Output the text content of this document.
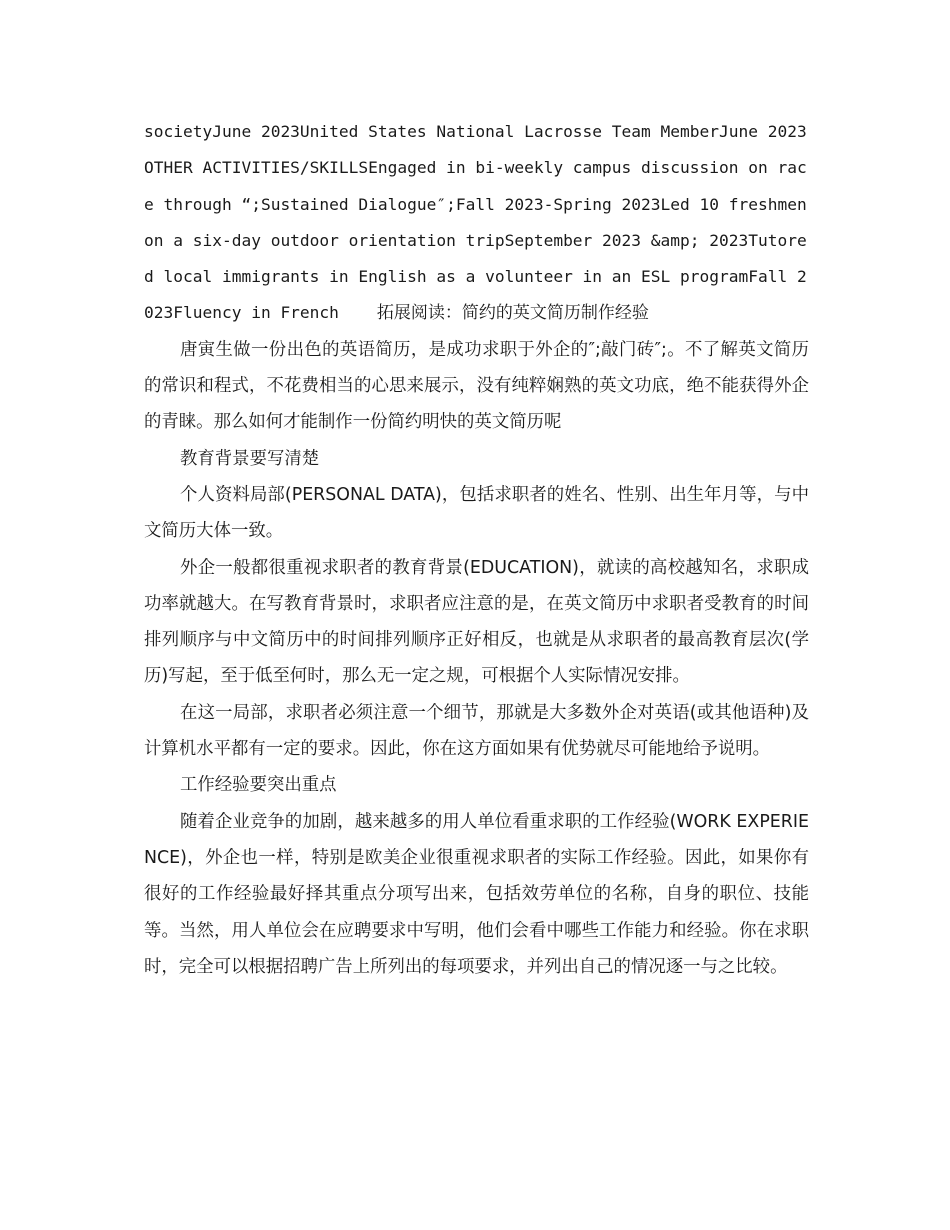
societyJune 2023United States National Lacrosse Team MemberJune 2023OTHER ACTIVITIES/SKILLSEngaged in bi-weekly campus discussion on race through “;Sustained Dialogue″;Fall 2023-Spring 2023Led 10 freshmen on a six-day outdoor orientation tripSeptember 2023 &amp; 2023Tutored local immigrants in English as a volunteer in an ESL programFall 2023Fluency in French 拓展阅读：简约的英文简历制作经验

唐寅生做一份出色的英语简历，是成功求职于外企的″;敲门砖″;。不了解英文简历的常识和程式，不花费相当的心思来展示，没有纯粹娴熟的英文功底，绝不能获得外企的青睐。那么如何才能制作一份简约明快的英文简历呢

教育背景要写清楚

个人资料局部(PERSONAL DATA)，包括求职者的姓名、性别、出生年月等，与中文简历大体一致。

外企一般都很重视求职者的教育背景(EDUCATION)，就读的高校越知名，求职成功率就越大。在写教育背景时，求职者应注意的是，在英文简历中求职者受教育的时间排列顺序与中文简历中的时间排列顺序正好相反，也就是从求职者的最高教育层次(学历)写起，至于低至何时，那么无一定之规，可根据个人实际情况安排。

在这一局部，求职者必须注意一个细节，那就是大多数外企对英语(或其他语种)及计算机水平都有一定的要求。因此，你在这方面如果有优势就尽可能地给予说明。

工作经验要突出重点

随着企业竞争的加剧，越来越多的用人单位看重求职的工作经验(WORK EXPERIENCE)，外企也一样，特别是欧美企业很重视求职者的实际工作经验。因此，如果你有很好的工作经验最好择其重点分项写出来，包括效劳单位的名称，自身的职位、技能等。当然，用人单位会在应聘要求中写明，他们会看中哪些工作能力和经验。你在求职时，完全可以根据招聘广告上所列出的每项要求，并列出自己的情况逐一与之比较。
